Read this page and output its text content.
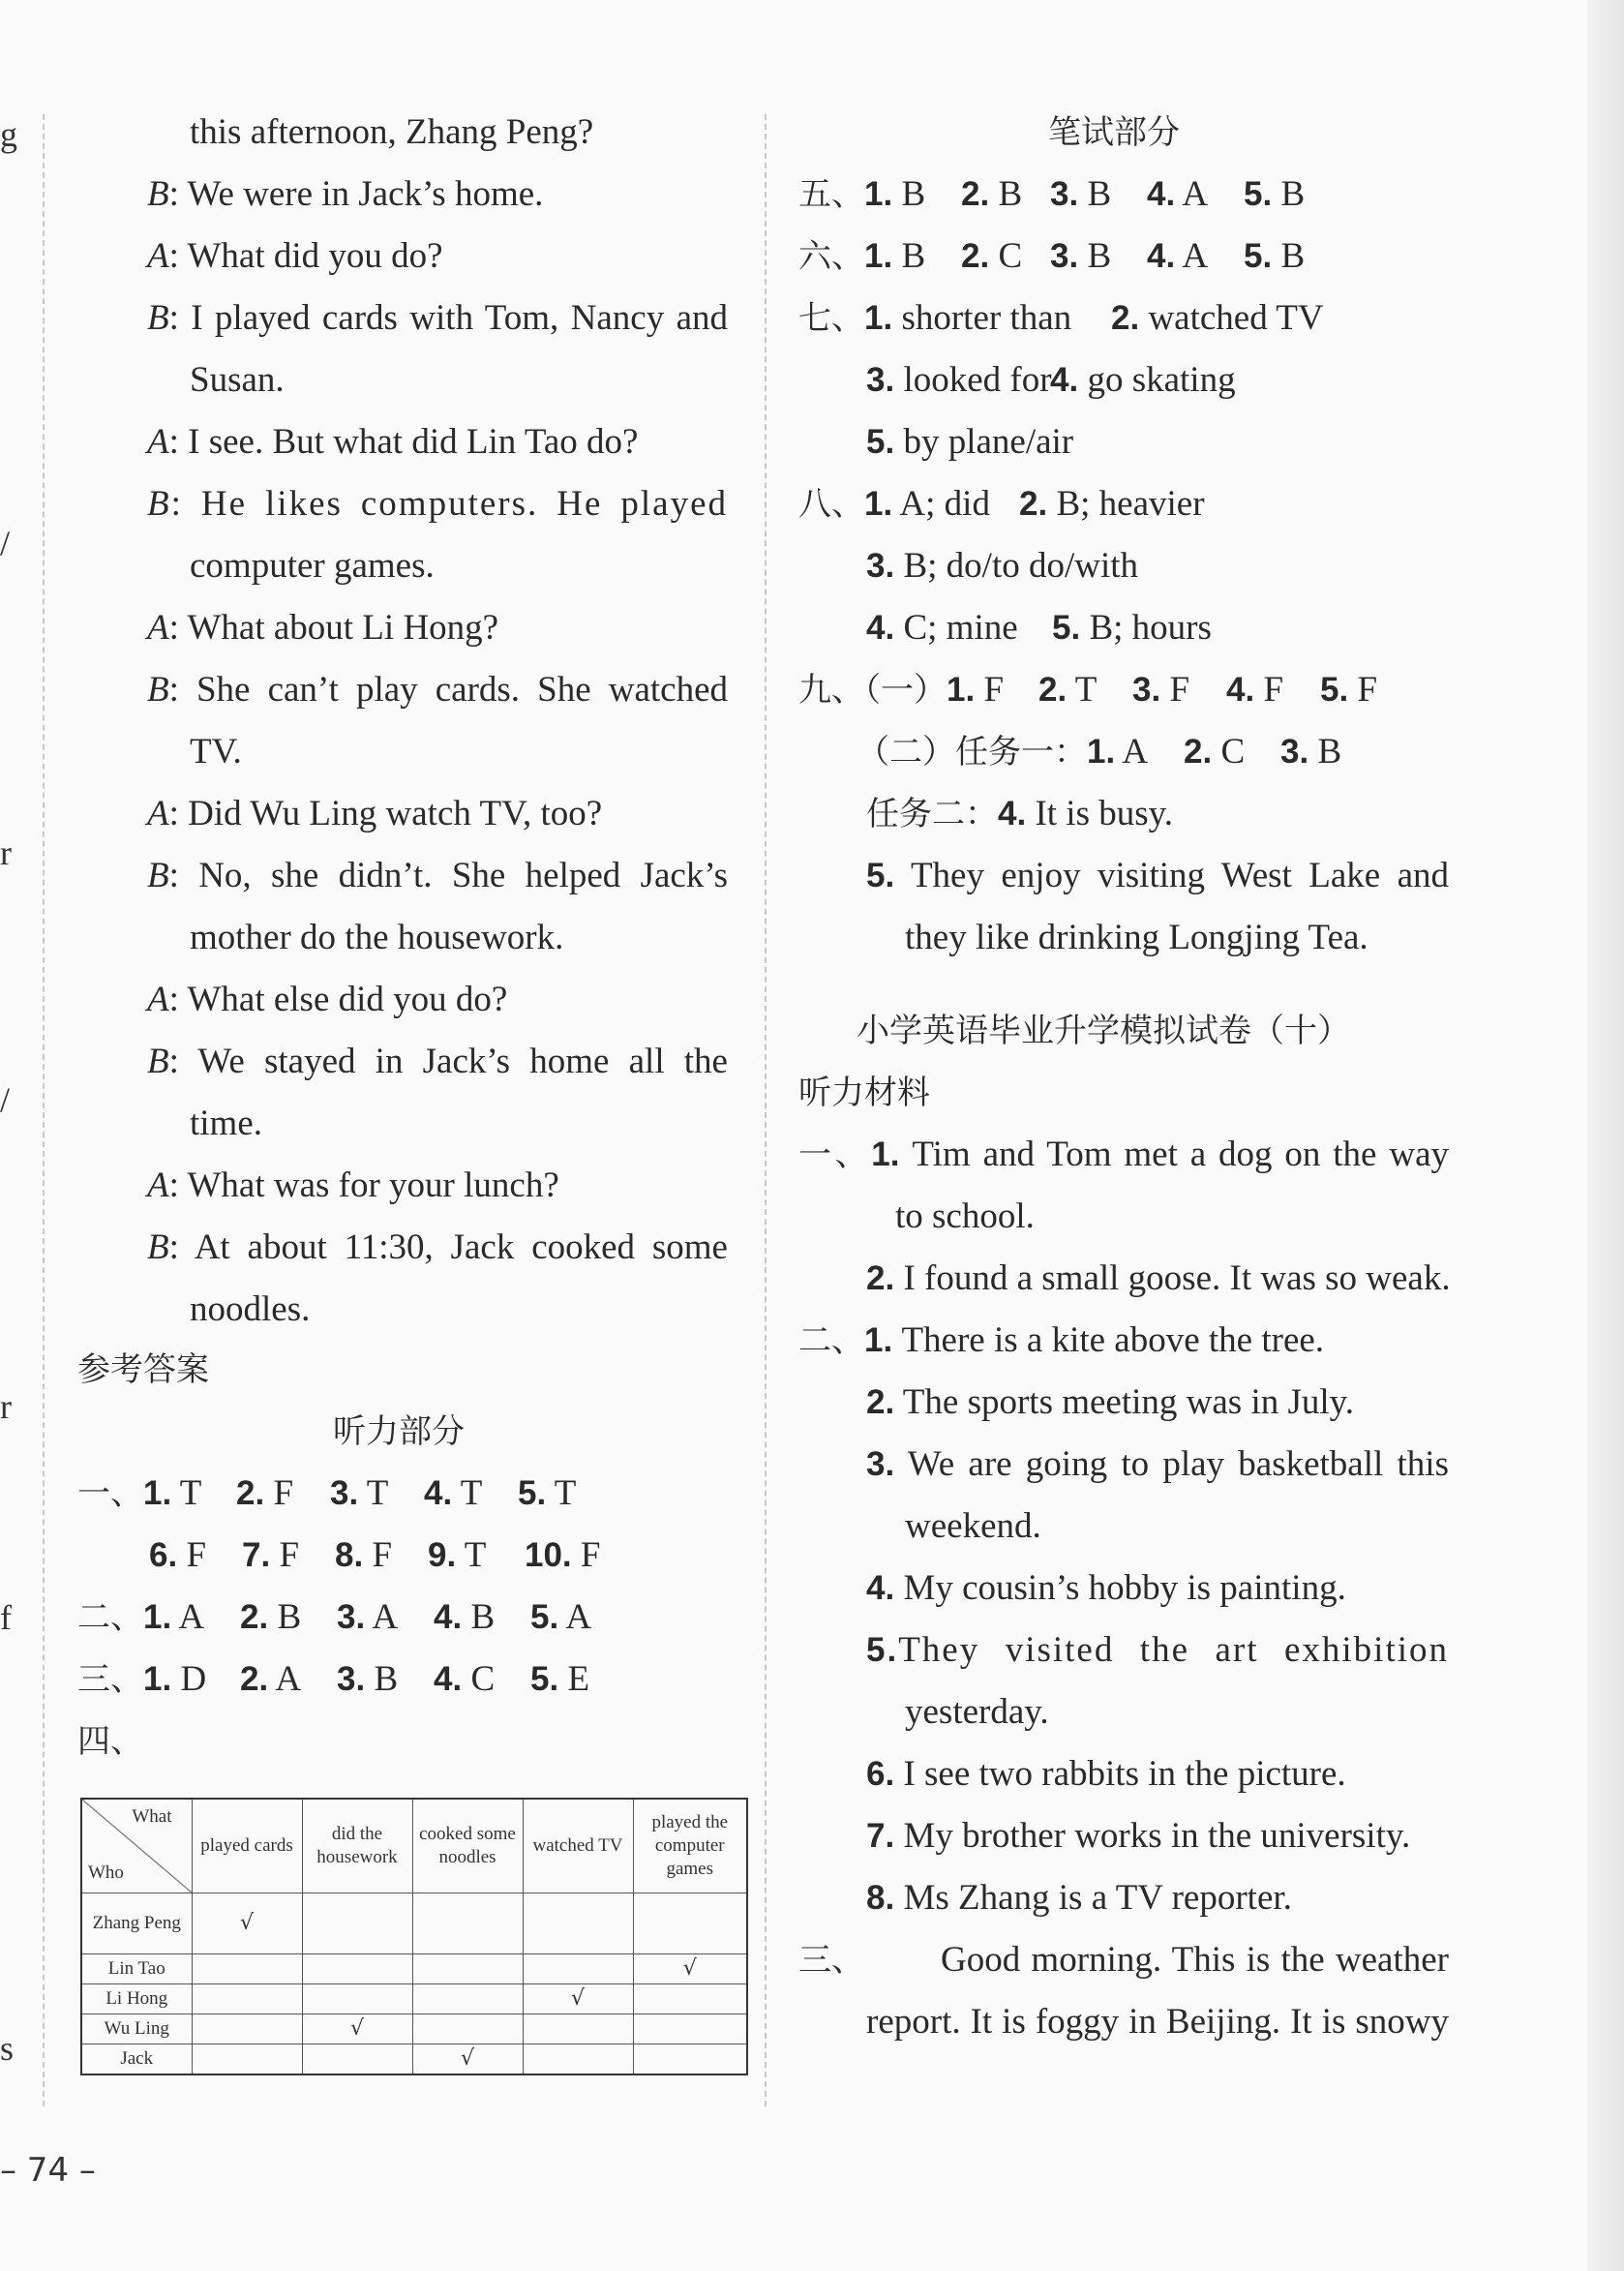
g
/
r
/
r
f
s
this afternoon, Zhang Peng?
B: We were in Jack’s home.
A: What did you do?
B: I played cards with Tom, Nancy and
Susan.
A: I see. But what did Lin Tao do?
B: He likes computers. He played
computer games.
A: What about Li Hong?
B: She can’t play cards. She watched
TV.
A: Did Wu Ling watch TV, too?
B: No, she didn’t. She helped Jack’s
mother do the housework.
A: What else did you do?
B: We stayed in Jack’s home all the
time.
A: What was for your lunch?
B: At about 11:30, Jack cooked some
noodles.
参考答案
听力部分
一、1. T 2. F 3. T 4. T 5. T
6. F 7. F 8. F 9. T 10. F
二、1. A 2. B 3. A 4. B 5. A
三、1. D 2. A 3. B 4. C 5. E
四、
What
Who	played cards	did the housework	cooked some noodles	watched TV	played the computer games
Zhang Peng	√				
Lin Tao					√
Li Hong				√	
Wu Ling		√			
Jack			√		
– 74 –
笔试部分
五、1. B 2. B 3. B 4. A 5. B
六、1. B 2. C 3. B 4. A 5. B
七、1. shorter than 2. watched TV
3. looked for4. go skating
5. by plane/air
八、1. A; did 2. B; heavier
3. B; do/to do/with
4. C; mine 5. B; hours
九、（一）1. F 2. T 3. F 4. F 5. F
（二）任务一：1. A 2. C 3. B
任务二：4. It is busy.
5. They enjoy visiting West Lake and
they like drinking Longjing Tea.
小学英语毕业升学模拟试卷（十）
听力材料
一、1. Tim and Tom met a dog on the way
to school.
2. I found a small goose. It was so weak.
二、1. There is a kite above the tree.
2. The sports meeting was in July.
3. We are going to play basketball this
weekend.
4. My cousin’s hobby is painting.
5.They visited the art exhibition
yesterday.
6. I see two rabbits in the picture.
7. My brother works in the university.
8. Ms Zhang is a TV reporter.
三、 Good morning. This is the weather
report. It is foggy in Beijing. It is snowy
